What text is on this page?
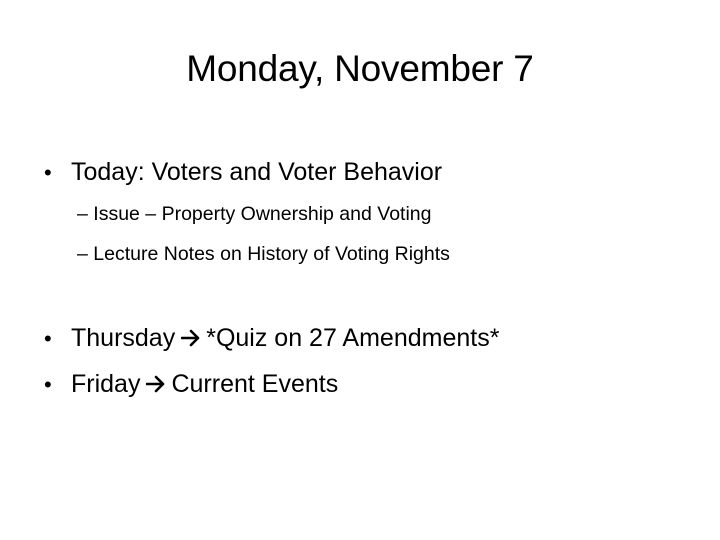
Monday, November 7
• Today: Voters and Voter Behavior
– Issue – Property Ownership and Voting
– Lecture Notes on History of Voting Rights
• Thursday *Quiz on 27 Amendments*
• Friday Current Events
